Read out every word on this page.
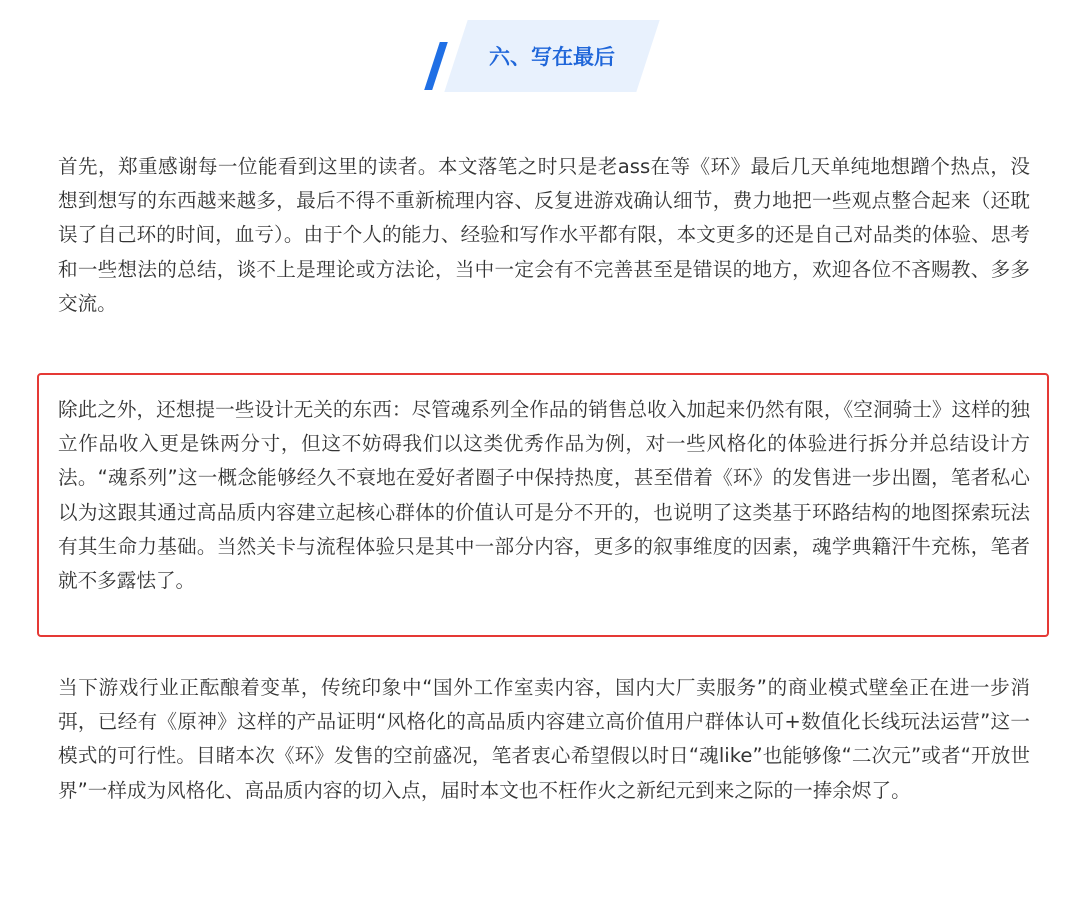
六、写在最后

首先，郑重感谢每一位能看到这里的读者。本文落笔之时只是老ass在等《环》最后几天单纯地想蹭个热点，没想到想写的东西越来越多，最后不得不重新梳理内容、反复进游戏确认细节，费力地把一些观点整合起来（还耽误了自己环的时间，血亏）。由于个人的能力、经验和写作水平都有限，本文更多的还是自己对品类的体验、思考和一些想法的总结，谈不上是理论或方法论，当中一定会有不完善甚至是错误的地方，欢迎各位不吝赐教、多多交流。

除此之外，还想提一些设计无关的东西：尽管魂系列全作品的销售总收入加起来仍然有限，《空洞骑士》这样的独立作品收入更是铢两分寸，但这不妨碍我们以这类优秀作品为例，对一些风格化的体验进行拆分并总结设计方法。“魂系列”这一概念能够经久不衰地在爱好者圈子中保持热度，甚至借着《环》的发售进一步出圈，笔者私心以为这跟其通过高品质内容建立起核心群体的价值认可是分不开的，也说明了这类基于环路结构的地图探索玩法有其生命力基础。当然关卡与流程体验只是其中一部分内容，更多的叙事维度的因素，魂学典籍汗牛充栋，笔者就不多露怯了。

当下游戏行业正酝酿着变革，传统印象中“国外工作室卖内容，国内大厂卖服务”的商业模式壁垒正在进一步消弭，已经有《原神》这样的产品证明“风格化的高品质内容建立高价值用户群体认可+数值化长线玩法运营”这一模式的可行性。目睹本次《环》发售的空前盛况，笔者衷心希望假以时日“魂like”也能够像“二次元”或者“开放世界”一样成为风格化、高品质内容的切入点，届时本文也不枉作火之新纪元到来之际的一捧余烬了。
